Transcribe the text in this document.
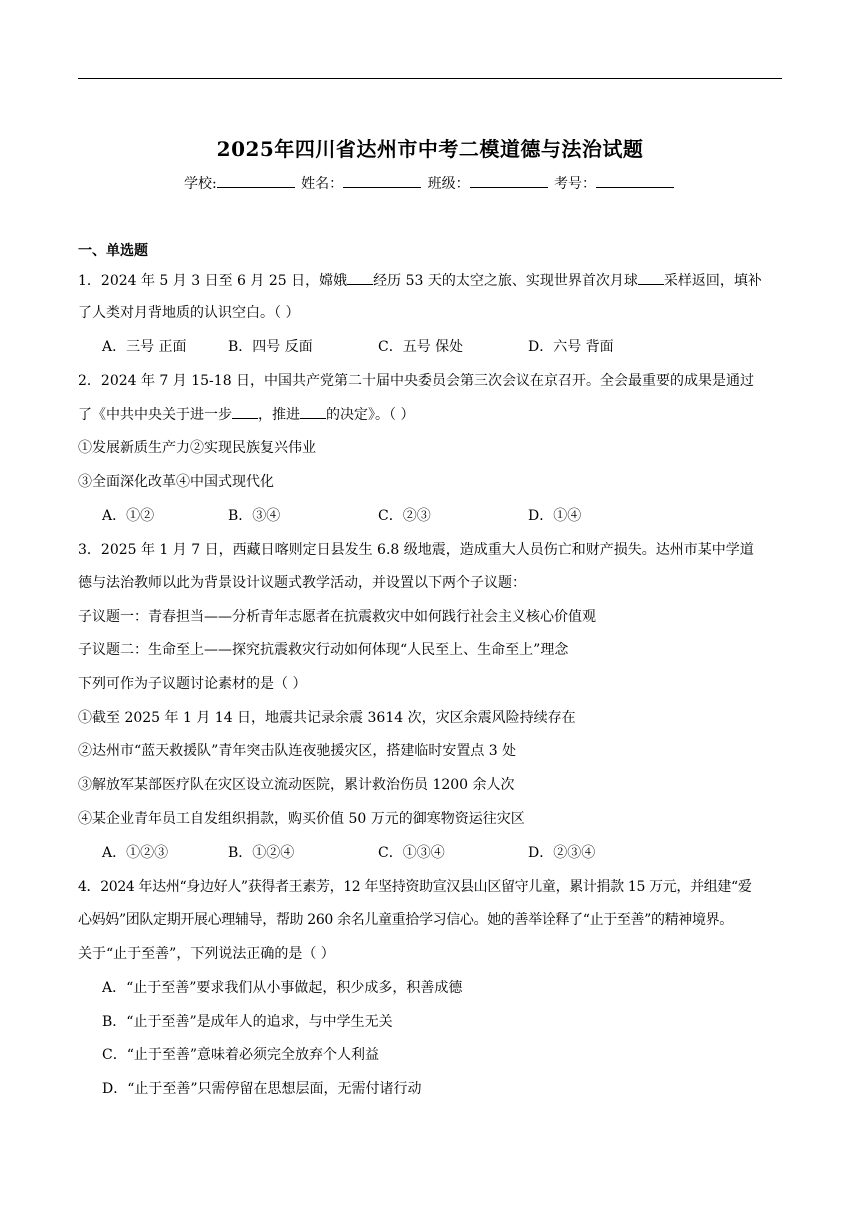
2025年四川省达州市中考二模道德与法治试题
学校:	姓名：	班级：	考号：
一、单选题
1．2024 年 5 月 3 日至 6 月 25 日，嫦娥 经历 53 天的太空之旅、实现世界首次月球 采样返回，填补
了人类对月背地质的认识空白。（ ）
A．三号 正面	B．四号 反面	C．五号 保处	D．六号 背面
2．2024 年 7 月 15-18 日，中国共产党第二十届中央委员会第三次会议在京召开。全会最重要的成果是通过
了《中共中央关于进一步 ，推进 的决定》。（ ）
①发展新质生产力②实现民族复兴伟业
③全面深化改革④中国式现代化
A．①②	B．③④	C．②③	D．①④
3．2025 年 1 月 7 日，西藏日喀则定日县发生 6.8 级地震，造成重大人员伤亡和财产损失。达州市某中学道
德与法治教师以此为背景设计议题式教学活动，并设置以下两个子议题：
子议题一：青春担当——分析青年志愿者在抗震救灾中如何践行社会主义核心价值观
子议题二：生命至上——探究抗震救灾行动如何体现“人民至上、生命至上”理念
下列可作为子议题讨论素材的是（ ）
①截至 2025 年 1 月 14 日，地震共记录余震 3614 次，灾区余震风险持续存在
②达州市“蓝天救援队”青年突击队连夜驰援灾区，搭建临时安置点 3 处
③解放军某部医疗队在灾区设立流动医院，累计救治伤员 1200 余人次
④某企业青年员工自发组织捐款，购买价值 50 万元的御寒物资运往灾区
A．①②③	B．①②④	C．①③④	D．②③④
4．2024 年达州“身边好人”获得者王素芳，12 年坚持资助宣汉县山区留守儿童，累计捐款 15 万元，并组建“爱
心妈妈”团队定期开展心理辅导，帮助 260 余名儿童重拾学习信心。她的善举诠释了“止于至善”的精神境界。
关于“止于至善”，下列说法正确的是（ ）
A．“止于至善”要求我们从小事做起，积少成多，积善成德
B．“止于至善”是成年人的追求，与中学生无关
C．“止于至善”意味着必须完全放弃个人利益
D．“止于至善”只需停留在思想层面，无需付诸行动
